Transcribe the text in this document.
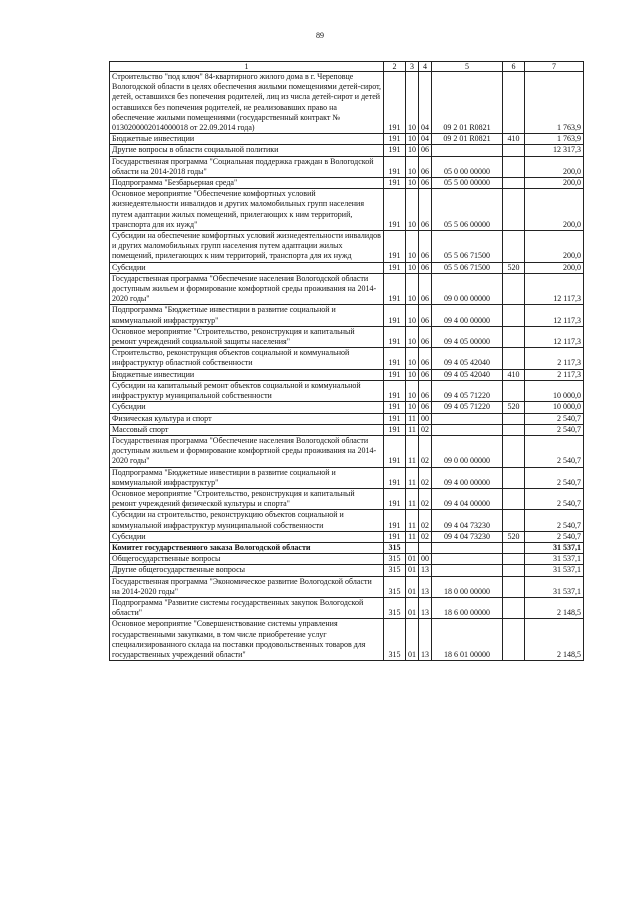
89
1	2	3	4	5	6	7
Строительство "под ключ" 84-квартирного жилого дома в г. Череповце Вологодской области в целях обеспечения жилыми помещениями детей-сирот, детей, оставшихся без попечения родителей, лиц из числа детей-сирот и детей оставшихся без попечения родителей, не реализовавших право на обеспечение жилыми помещениями (государственный контракт № 0130200002014000018 от 22.09.2014 года)	191	10	04	09 2 01 R0821		1 763,9
Бюджетные инвестиции	191	10	04	09 2 01 R0821	410	1 763,9
Другие вопросы в области социальной политики	191	10	06			12 317,3
Государственная программа "Социальная поддержка граждан в Вологодской области на 2014-2018 годы"	191	10	06	05 0 00 00000		200,0
Подпрограмма "Безбарьерная среда"	191	10	06	05 5 00 00000		200,0
Основное мероприятие "Обеспечение комфортных условий жизнедеятельности инвалидов и других маломобильных групп населения путем адаптации жилых помещений, прилегающих к ним территорий, транспорта для их нужд"	191	10	06	05 5 06 00000		200,0
Субсидии на обеспечение комфортных условий жизнедеятельности инвалидов и других маломобильных групп населения путем адаптации жилых помещений, прилегающих к ним территорий, транспорта для их нужд	191	10	06	05 5 06 71500		200,0
Субсидии	191	10	06	05 5 06 71500	520	200,0
Государственная программа "Обеспечение населения Вологодской области доступным жильем и формирование комфортной среды проживания на 2014-2020 годы"	191	10	06	09 0 00 00000		12 117,3
Подпрограмма "Бюджетные инвестиции в развитие социальной и коммунальной инфраструктур"	191	10	06	09 4 00 00000		12 117,3
Основное мероприятие "Строительство, реконструкция и капитальный ремонт учреждений социальной защиты населения"	191	10	06	09 4 05 00000		12 117,3
Строительство, реконструкция объектов социальной и коммунальной инфраструктур областной собственности	191	10	06	09 4 05 42040		2 117,3
Бюджетные инвестиции	191	10	06	09 4 05 42040	410	2 117,3
Субсидии на капитальный ремонт объектов социальной и коммунальной инфраструктур муниципальной собственности	191	10	06	09 4 05 71220		10 000,0
Субсидии	191	10	06	09 4 05 71220	520	10 000,0
Физическая культура и спорт	191	11	00			2 540,7
Массовый спорт	191	11	02			2 540,7
Государственная программа "Обеспечение населения Вологодской области доступным жильем и формирование комфортной среды проживания на 2014-2020 годы"	191	11	02	09 0 00 00000		2 540,7
Подпрограмма "Бюджетные инвестиции в развитие социальной и коммунальной инфраструктур"	191	11	02	09 4 00 00000		2 540,7
Основное мероприятие "Строительство, реконструкция и капитальный ремонт учреждений физической культуры и спорта"	191	11	02	09 4 04 00000		2 540,7
Субсидии на строительство, реконструкцию объектов социальной и коммунальной инфраструктур муниципальной собственности	191	11	02	09 4 04 73230		2 540,7
Субсидии	191	11	02	09 4 04 73230	520	2 540,7
Комитет государственного заказа Вологодской области	315					31 537,1
Общегосударственные вопросы	315	01	00			31 537,1
Другие общегосударственные вопросы	315	01	13			31 537,1
Государственная программа "Экономическое развитие Вологодской области на 2014-2020 годы"	315	01	13	18 0 00 00000		31 537,1
Подпрограмма "Развитие системы государственных закупок Вологодской области"	315	01	13	18 6 00 00000		2 148,5
Основное мероприятие "Совершенствование системы управления государственными закупками, в том числе приобретение услуг специализированного склада на поставки продовольственных товаров для государственных учреждений области"	315	01	13	18 6 01 00000		2 148,5
